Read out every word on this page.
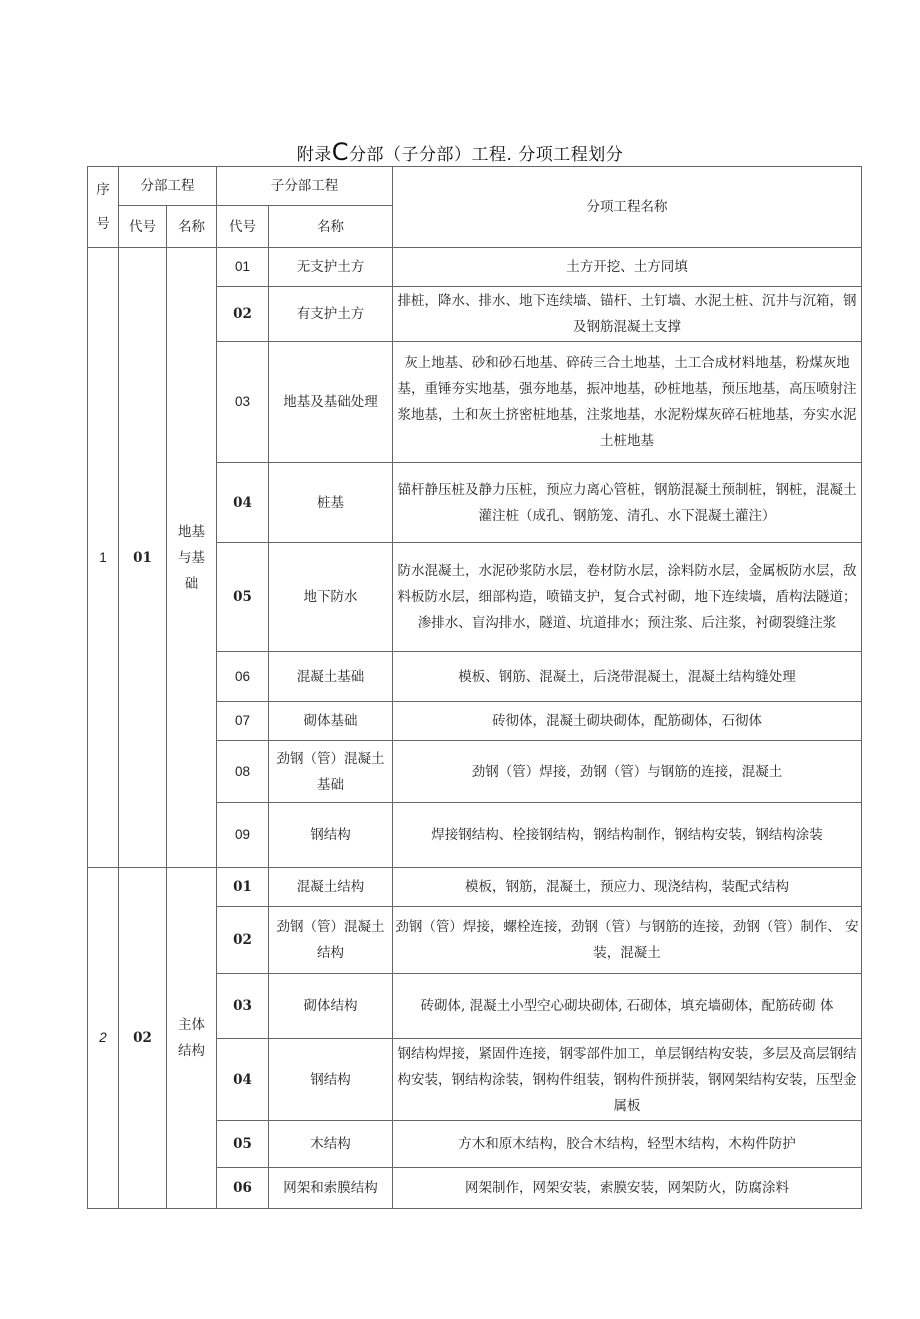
附录C分部（子分部）工程. 分项工程划分
序号	分部工程		子分部工程		分项工程名称
	代号	名称	代号	名称	
1	01	地基与基础	01	无支护土方	土方开挖、土方同填
			02	有支护土方	排桩，降水、排水、地下连续墙、锚杆、土钉墙、水泥土桩、沉井与沉箱，钢及钢筋混凝土支撑
			03	地基及基础处理	灰上地基、砂和砂石地基、碎砖三合土地基，土工合成材料地基，粉煤灰地基，重锤夯实地基，强夯地基，振冲地基，砂桩地基，预压地基，高压喷射注浆地基，土和灰土挤密桩地基，注浆地基，水泥粉煤灰碎石桩地基，夯实水泥土桩地基
			04	桩基	锚杆静压桩及静力压桩，预应力离心管桩，钢筋混凝土预制桩，钢桩，混凝土灌注桩（成孔、钢筋笼、清孔、水下混凝土灌注）
			05	地下防水	防水混凝土，水泥砂浆防水层，卷材防水层，涂料防水层，金属板防水层，敌料板防水层，细部构造，喷锚支护，复合式衬砌，地下连续墙，盾构法隧道；渗排水、盲沟排水，隧道、坑道排水；预注浆、后注浆，衬砌裂缝注浆
			06	混凝土基础	模板、钢筋、混凝土，后浇带混凝土，混凝土结构缝处理
			07	砌体基础	砖彻体，混凝土砌块砌体，配筋砌体，石彻体
			08	劲钢（管）混凝土 基础	劲钢（管）焊接，劲钢（管）与钢筋的连接，混凝土
			09	钢结构	焊接钢结构、栓接钢结构，钢结构制作，钢结构安装，钢结构涂装
2	02	主体结构	01	混凝土结构	模板，钢筋，混凝土，预应力、现浇结构，装配式结构
			02	劲钢（管）混凝土 结构	劲钢（管）焊接，螺栓连接，劲钢（管）与钢筋的连接，劲钢（管）制作、 安装，混凝土
			03	砌体结构	砖砌体, 混凝土小型空心砌块砌体, 石砌体，填充墙砌体，配筋砖砌 体
			04	钢结构	钢结构焊接，紧固件连接，钢零部件加工，单层钢结构安装，多层及高层钢结构安装，钢结构涂装，钢构件组装，钢构件预拼装，钢网架结构安装，压型金属板
			05	木结构	方木和原木结构，胶合木结构，轻型木结构，木构件防护
			06	网架和索膜结构	网架制作，网架安装，索膜安装，网架防火，防腐涂料
